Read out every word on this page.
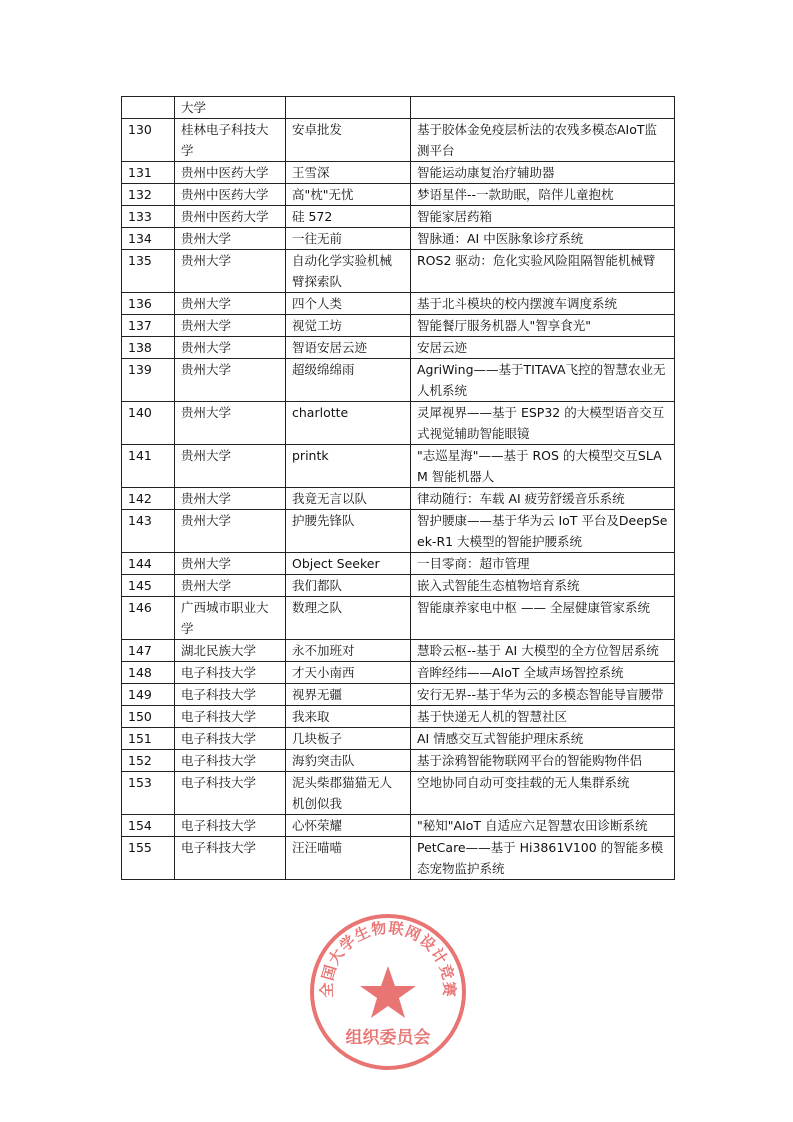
	大学		
130	桂林电子科技大学	安卓批发	基于胶体金免疫层析法的农残多模态AIoT监测平台
131	贵州中医药大学	王雪深	智能运动康复治疗辅助器
132	贵州中医药大学	高"枕"无忧	梦语星伴--一款助眠，陪伴儿童抱枕
133	贵州中医药大学	硅 572	智能家居药箱
134	贵州大学	一往无前	智脉通：AI 中医脉象诊疗系统
135	贵州大学	自动化学实验机械臂探索队	ROS2 驱动：危化实验风险阻隔智能机械臂
136	贵州大学	四个人类	基于北斗模块的校内摆渡车调度系统
137	贵州大学	视觉工坊	智能餐厅服务机器人"智享食光"
138	贵州大学	智语安居云迹	安居云迹
139	贵州大学	超级绵绵雨	AgriWing——基于TITAVA飞控的智慧农业无人机系统
140	贵州大学	charlotte	灵犀视界——基于 ESP32 的大模型语音交互式视觉辅助智能眼镜
141	贵州大学	printk	"志巡星海"——基于 ROS 的大模型交互SLAM 智能机器人
142	贵州大学	我竟无言以队	律动随行：车载 AI 疲劳舒缓音乐系统
143	贵州大学	护腰先锋队	智护腰康——基于华为云 IoT 平台及DeepSeek-R1 大模型的智能护腰系统
144	贵州大学	Object Seeker	一目零商：超市管理
145	贵州大学	我们都队	嵌入式智能生态植物培育系统
146	广西城市职业大学	数理之队	智能康养家电中枢 —— 全屋健康管家系统
147	湖北民族大学	永不加班对	慧聆云枢--基于 AI 大模型的全方位智居系统
148	电子科技大学	才天小南西	音眸经纬——AIoT 全域声场智控系统
149	电子科技大学	视界无疆	安行无界--基于华为云的多模态智能导盲腰带
150	电子科技大学	我来取	基于快递无人机的智慧社区
151	电子科技大学	几块板子	AI 情感交互式智能护理床系统
152	电子科技大学	海豹突击队	基于涂鸦智能物联网平台的智能购物伴侣
153	电子科技大学	泥头柴郡猫猫无人机创似我	空地协同自动可变挂载的无人集群系统
154	电子科技大学	心怀荣耀	"秘知"AIoT 自适应六足智慧农田诊断系统
155	电子科技大学	汪汪喵喵	PetCare——基于 Hi3861V100 的智能多模态宠物监护系统
全国大学生物联网设计竞赛
组织委员会
